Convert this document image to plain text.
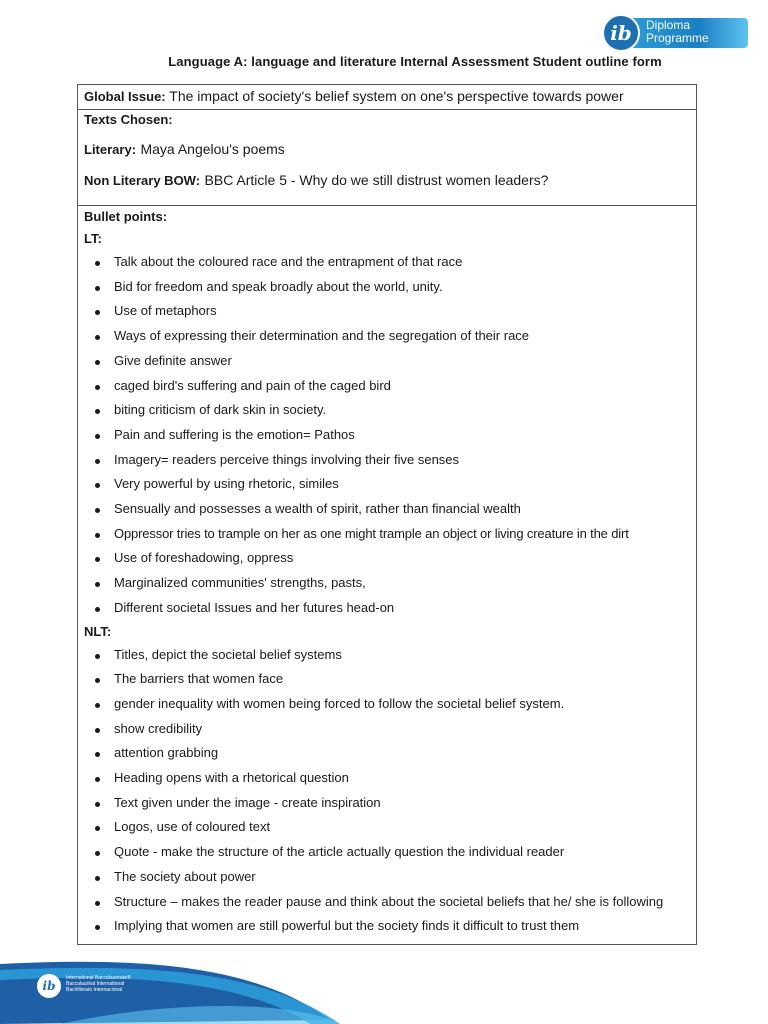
ib	Diploma
Programme
Language A: language and literature Internal Assessment Student outline form
Global Issue: The impact of society's belief system on one's perspective towards power
Texts Chosen:
Literary: Maya Angelou's poems
Non Literary BOW: BBC Article 5 - Why do we still distrust women leaders?
Bullet points:
LT:
Talk about the coloured race and the entrapment of that race
Bid for freedom and speak broadly about the world, unity.
Use of metaphors
Ways of expressing their determination and the segregation of their race
Give definite answer
caged bird's suffering and pain of the caged bird
biting criticism of dark skin in society.
Pain and suffering is the emotion= Pathos
Imagery= readers perceive things involving their five senses
Very powerful by using rhetoric, similes
Sensually and possesses a wealth of spirit, rather than financial wealth
Oppressor tries to trample on her as one might trample an object or living creature in the dirt
Use of foreshadowing, oppress
Marginalized communities' strengths, pasts,
Different societal Issues and her futures head-on
NLT:
Titles, depict the societal belief systems
The barriers that women face
gender inequality with women being forced to follow the societal belief system.
show credibility
attention grabbing
Heading opens with a rhetorical question
Text given under the image - create inspiration
Logos, use of coloured text
Quote - make the structure of the article actually question the individual reader
The society about power
Structure – makes the reader pause and think about the societal beliefs that he/ she is following
Implying that women are still powerful but the society finds it difficult to trust them
ib
International Baccalaureate®
Baccalauréat International
Bachillerato Internacional
